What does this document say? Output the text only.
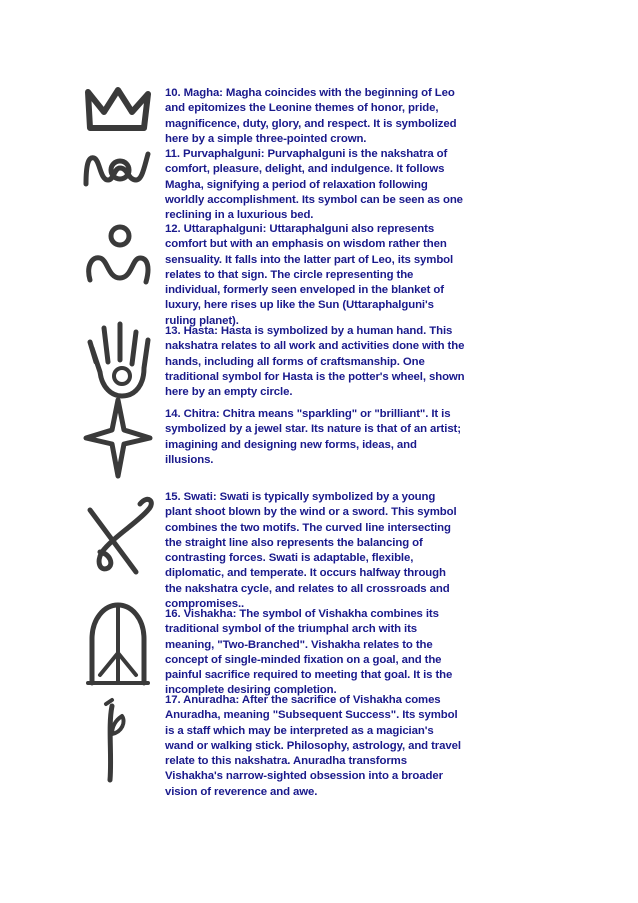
10. Magha: Magha coincides with the beginning of Leo and epitomizes the Leonine themes of honor, pride, magnificence, duty, glory, and respect. It is symbolized here by a simple three-pointed crown.
11. Purvaphalguni: Purvaphalguni is the nakshatra of comfort, pleasure, delight, and indulgence. It follows Magha, signifying a period of relaxation following worldly accomplishment. Its symbol can be seen as one reclining in a luxurious bed.
12. Uttaraphalguni: Uttaraphalguni also represents comfort but with an emphasis on wisdom rather then sensuality. It falls into the latter part of Leo, its symbol relates to that sign. The circle representing the individual, formerly seen enveloped in the blanket of luxury, here rises up like the Sun (Uttaraphalguni's ruling planet).
13. Hasta: Hasta is symbolized by a human hand. This nakshatra relates to all work and activities done with the hands, including all forms of craftsmanship. One traditional symbol for Hasta is the potter's wheel, shown here by an empty circle.
14. Chitra: Chitra means "sparkling" or "brilliant". It is symbolized by a jewel star. Its nature is that of an artist; imagining and designing new forms, ideas, and illusions.
15. Swati: Swati is typically symbolized by a young plant shoot blown by the wind or a sword. This symbol combines the two motifs. The curved line intersecting the straight line also represents the balancing of contrasting forces. Swati is adaptable, flexible, diplomatic, and temperate. It occurs halfway through the nakshatra cycle, and relates to all crossroads and compromises..
16. Vishakha: The symbol of Vishakha combines its traditional symbol of the triumphal arch with its meaning, "Two-Branched". Vishakha relates to the concept of single-minded fixation on a goal, and the painful sacrifice required to meeting that goal. It is the incomplete desiring completion.
17. Anuradha: After the sacrifice of Vishakha comes Anuradha, meaning "Subsequent Success". Its symbol is a staff which may be interpreted as a magician's wand or walking stick. Philosophy, astrology, and travel relate to this nakshatra. Anuradha transforms Vishakha's narrow-sighted obsession into a broader vision of reverence and awe.
